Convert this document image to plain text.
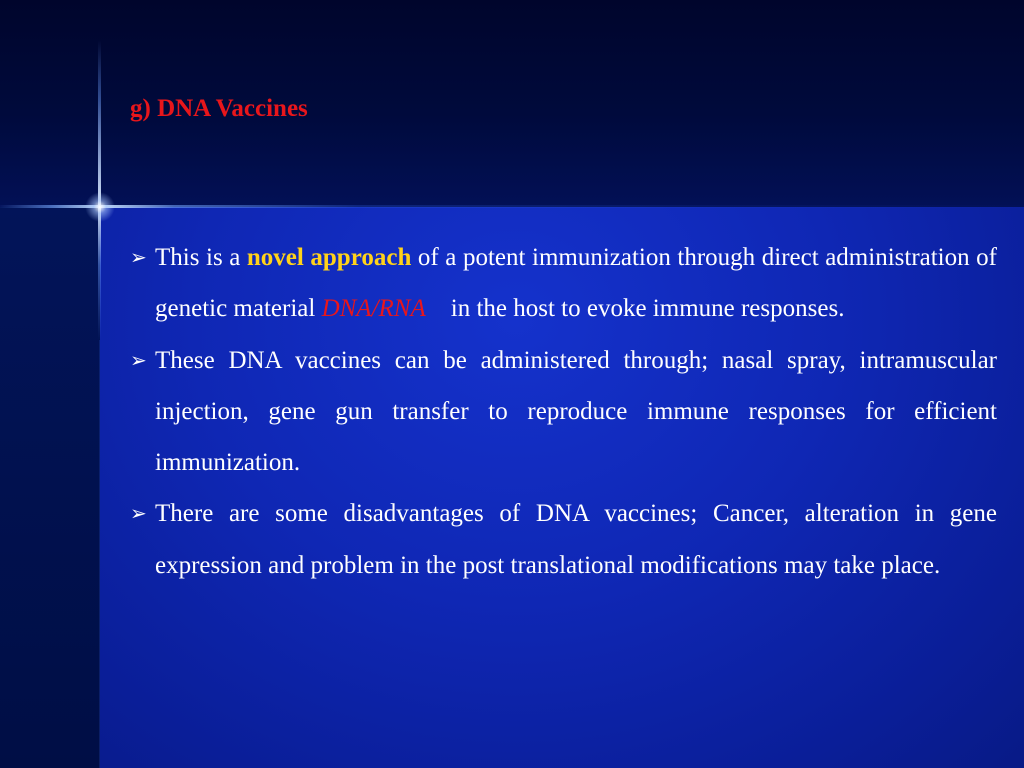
g) DNA Vaccines
➢ This is a novel approach of a potent immunization through direct administration of genetic material DNA/RNA    in the host to evoke immune responses.
➢ These DNA vaccines can be administered through; nasal spray, intramuscular injection, gene gun transfer to reproduce immune responses for efficient immunization.
➢ There are some disadvantages of DNA vaccines; Cancer, alteration in gene expression and problem in the post translational modifications may take place.
